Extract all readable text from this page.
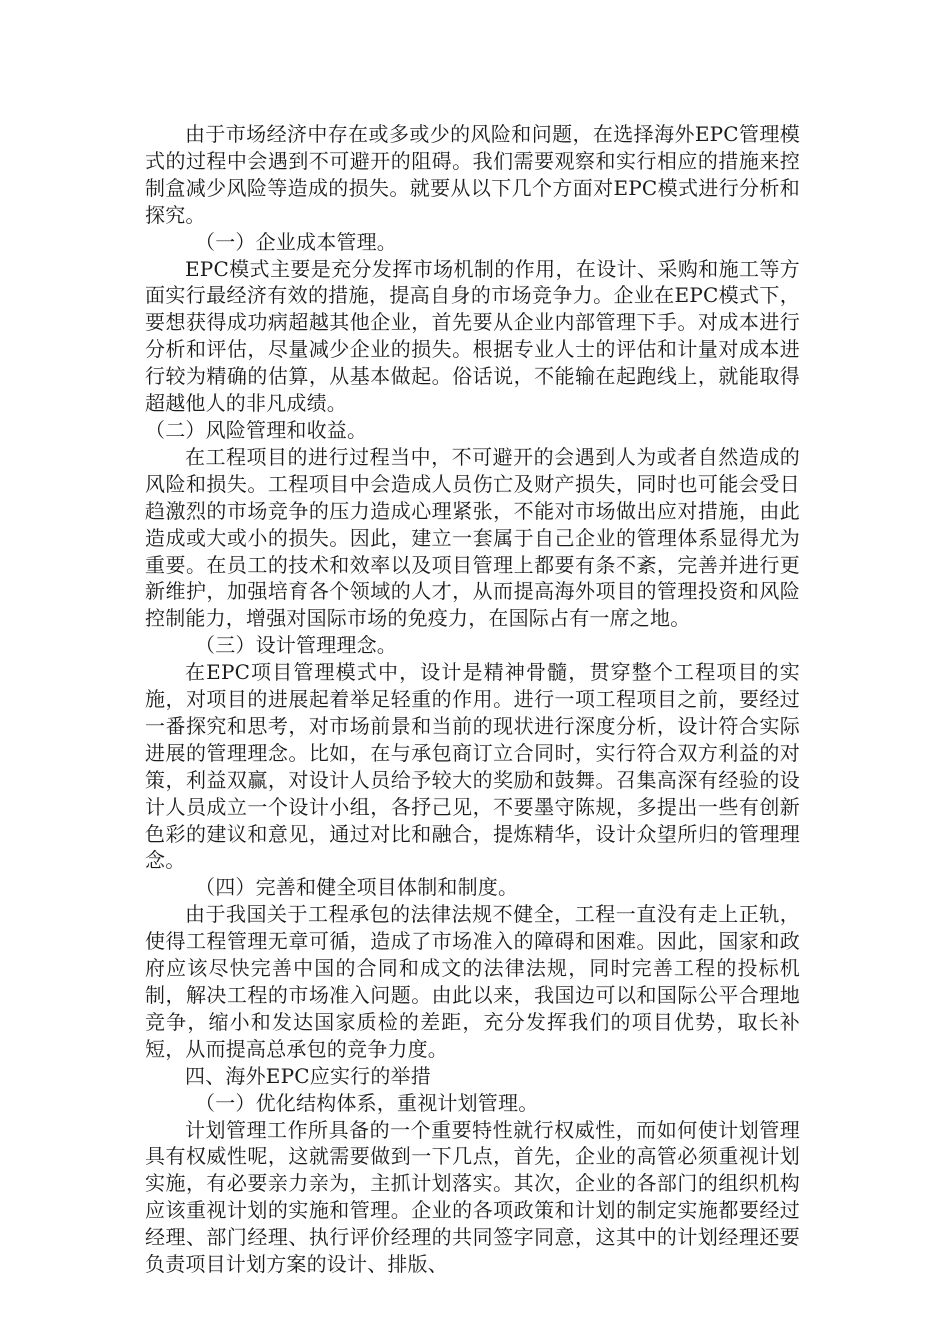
由于市场经济中存在或多或少的风险和问题，在选择海外EPC管理模式的过程中会遇到不可避开的阻碍。我们需要观察和实行相应的措施来控制盒减少风险等造成的损失。就要从以下几个方面对EPC模式进行分析和探究。

（一）企业成本管理。

EPC模式主要是充分发挥市场机制的作用，在设计、采购和施工等方面实行最经济有效的措施，提高自身的市场竞争力。企业在EPC模式下，要想获得成功病超越其他企业，首先要从企业内部管理下手。对成本进行分析和评估，尽量减少企业的损失。根据专业人士的评估和计量对成本进行较为精确的估算，从基本做起。俗话说，不能输在起跑线上，就能取得超越他人的非凡成绩。

（二）风险管理和收益。

在工程项目的进行过程当中，不可避开的会遇到人为或者自然造成的风险和损失。工程项目中会造成人员伤亡及财产损失，同时也可能会受日趋激烈的市场竞争的压力造成心理紧张，不能对市场做出应对措施，由此造成或大或小的损失。因此，建立一套属于自己企业的管理体系显得尤为重要。在员工的技术和效率以及项目管理上都要有条不紊，完善并进行更新维护，加强培育各个领域的人才，从而提高海外项目的管理投资和风险控制能力，增强对国际市场的免疫力，在国际占有一席之地。

（三）设计管理理念。

在EPC项目管理模式中，设计是精神骨髓，贯穿整个工程项目的实施，对项目的进展起着举足轻重的作用。进行一项工程项目之前，要经过一番探究和思考，对市场前景和当前的现状进行深度分析，设计符合实际进展的管理理念。比如，在与承包商订立合同时，实行符合双方利益的对策，利益双赢，对设计人员给予较大的奖励和鼓舞。召集高深有经验的设计人员成立一个设计小组，各抒己见，不要墨守陈规，多提出一些有创新色彩的建议和意见，通过对比和融合，提炼精华，设计众望所归的管理理念。

（四）完善和健全项目体制和制度。

由于我国关于工程承包的法律法规不健全，工程一直没有走上正轨，使得工程管理无章可循，造成了市场准入的障碍和困难。因此，国家和政府应该尽快完善中国的合同和成文的法律法规，同时完善工程的投标机制，解决工程的市场准入问题。由此以来，我国边可以和国际公平合理地竞争，缩小和发达国家质检的差距，充分发挥我们的项目优势，取长补短，从而提高总承包的竞争力度。

四、海外EPC应实行的举措

（一）优化结构体系，重视计划管理。

计划管理工作所具备的一个重要特性就行权威性，而如何使计划管理具有权威性呢，这就需要做到一下几点，首先，企业的高管必须重视计划实施，有必要亲力亲为，主抓计划落实。其次，企业的各部门的组织机构应该重视计划的实施和管理。企业的各项政策和计划的制定实施都要经过经理、部门经理、执行评价经理的共同签字同意，这其中的计划经理还要负责项目计划方案的设计、排版、
